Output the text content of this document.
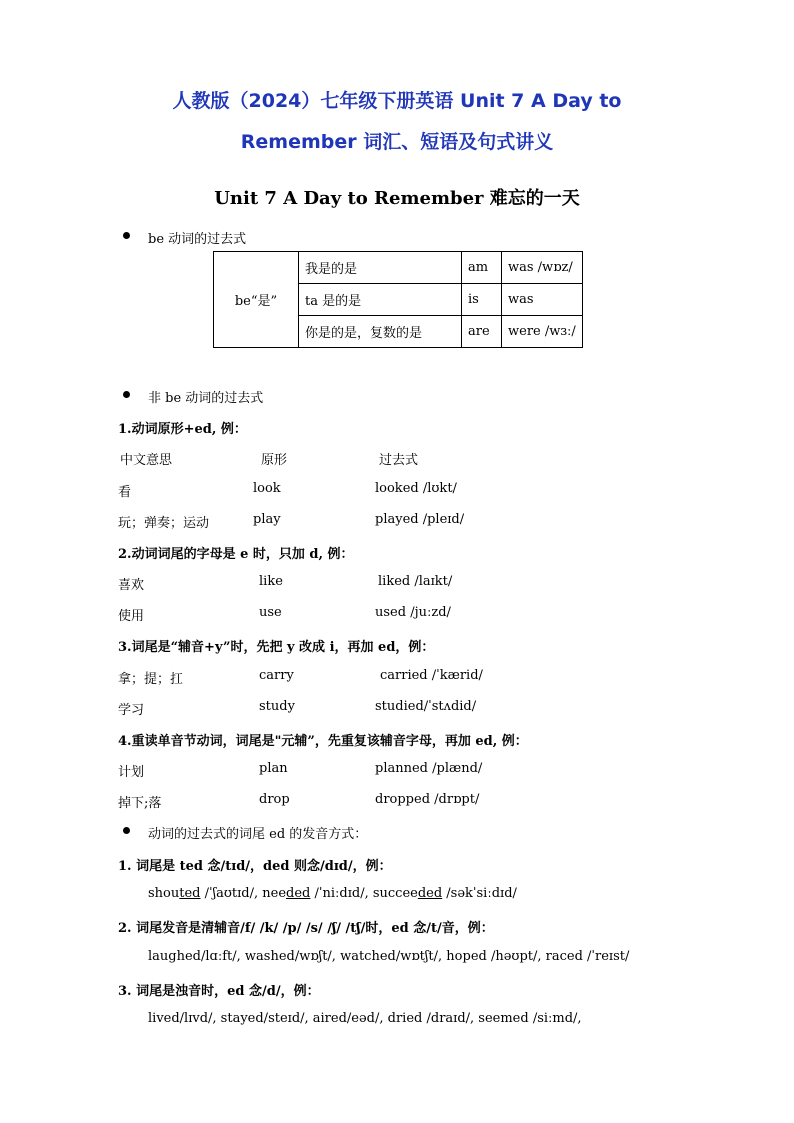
人教版（2024）七年级下册英语 Unit 7 A Day to
Remember 词汇、短语及句式讲义
Unit 7 A Day to Remember 难忘的一天
be 动词的过去式
be“是”	我是的是	am	was /wɒz/
	ta 是的是	is	was
	你是的是，复数的是	are	were /wɜː/
非 be 动词的过去式
1.动词原形+ed, 例：
中文意思	原形	过去式
看	look	looked /lʊkt/
玩；弹奏；运动	play	played /pleɪd/
2.动词词尾的字母是 e 时，只加 d, 例：
喜欢	like	liked /laɪkt/
使用	use	used /juːzd/
3.词尾是“辅音+y”时，先把 y 改成 i，再加 ed，例：
拿；提；扛	carry	carried /ˈkærid/
学习	study	studied/ˈstʌdid/
4.重读单音节动词，词尾是"元辅”，先重复该辅音字母，再加 ed, 例：
计划	plan	planned /plænd/
掉下;落	drop	dropped /drɒpt/
动词的过去式的词尾 ed 的发音方式：
1. 词尾是 ted 念/tɪd/，ded 则念/dɪd/，例：
shouted /ˈʃaʊtɪd/, needed /ˈniːdɪd/, succeeded /səkˈsiːdɪd/
2. 词尾发音是清辅音/f/ /k/ /p/ /s/ /ʃ/ /tʃ/时，ed 念/t/音，例：
laughed/lɑːft/, washed/wɒʃt/, watched/wɒtʃt/, hoped /həʊpt/, raced /ˈreɪst/
3. 词尾是浊音时，ed 念/d/，例：
lived/lɪvd/, stayed/steɪd/, aired/eəd/, dried /draɪd/, seemed /siːmd/,
